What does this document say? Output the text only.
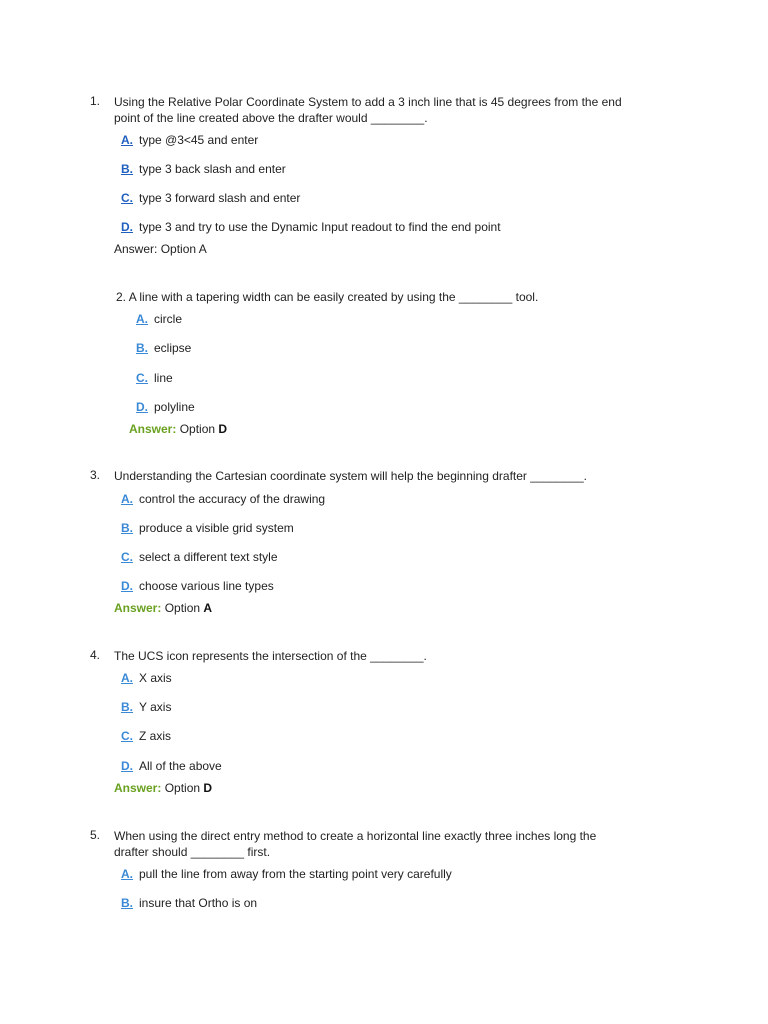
1. Using the Relative Polar Coordinate System to add a 3 inch line that is 45 degrees from the end
point of the line created above the drafter would ________.
A. type @3<45 and enter
B. type 3 back slash and enter
C. type 3 forward slash and enter
D. type 3 and try to use the Dynamic Input readout to find the end point
Answer: Option A
2. A line with a tapering width can be easily created by using the ________ tool.
A. circle
B. eclipse
C. line
D. polyline
Answer: Option D
3. Understanding the Cartesian coordinate system will help the beginning drafter ________.
A. control the accuracy of the drawing
B. produce a visible grid system
C. select a different text style
D. choose various line types
Answer: Option A
4. The UCS icon represents the intersection of the ________.
A. X axis
B. Y axis
C. Z axis
D. All of the above
Answer: Option D
5. When using the direct entry method to create a horizontal line exactly three inches long the
drafter should ________ first.
A. pull the line from away from the starting point very carefully
B. insure that Ortho is on
